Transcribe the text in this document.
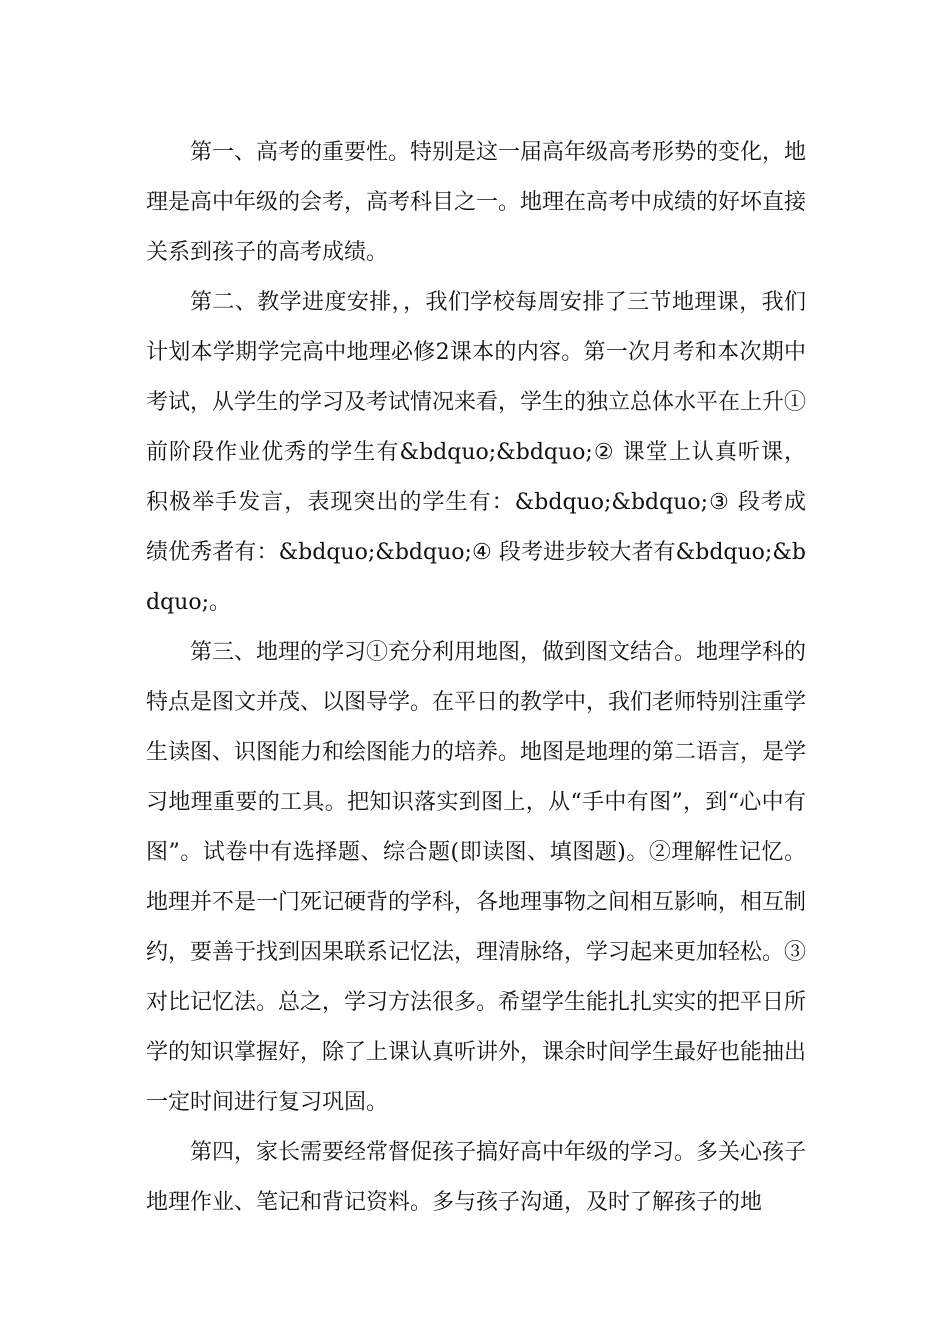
第一、高考的重要性。特别是这一届高年级高考形势的变化，地理是高中年级的会考，高考科目之一。地理在高考中成绩的好坏直接关系到孩子的高考成绩。

第二、教学进度安排，，我们学校每周安排了三节地理课，我们计划本学期学完高中地理必修2课本的内容。第一次月考和本次期中考试，从学生的学习及考试情况来看，学生的独立总体水平在上升①前阶段作业优秀的学生有&bdquo;&bdquo;② 课堂上认真听课，积极举手发言，表现突出的学生有：&bdquo;&bdquo;③ 段考成绩优秀者有：&bdquo;&bdquo;④ 段考进步较大者有&bdquo;&bdquo;。

第三、地理的学习①充分利用地图，做到图文结合。地理学科的特点是图文并茂、以图导学。在平日的教学中，我们老师特别注重学生读图、识图能力和绘图能力的培养。地图是地理的第二语言，是学习地理重要的工具。把知识落实到图上，从“手中有图”，到“心中有图”。试卷中有选择题、综合题(即读图、填图题)。②理解性记忆。地理并不是一门死记硬背的学科，各地理事物之间相互影响，相互制约，要善于找到因果联系记忆法，理清脉络，学习起来更加轻松。③对比记忆法。总之，学习方法很多。希望学生能扎扎实实的把平日所学的知识掌握好，除了上课认真听讲外，课余时间学生最好也能抽出一定时间进行复习巩固。

第四，家长需要经常督促孩子搞好高中年级的学习。多关心孩子地理作业、笔记和背记资料。多与孩子沟通，及时了解孩子的地
